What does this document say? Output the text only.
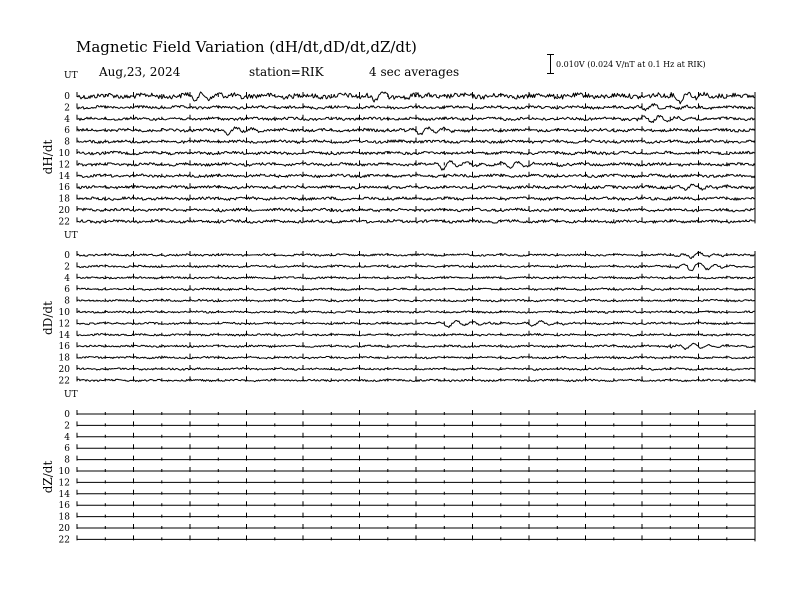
Magnetic Field Variation (dH/dt,dD/dt,dZ/dt)
Aug,23, 2024	station=RIK	4 sec averages
0.010V (0.024 V/nT at 0.1 Hz at RIK)
UT
dH/dt
0
2
4
6
8
10
12
14
16
18
20
22
UT
dD/dt
0
2
4
6
8
10
12
14
16
18
20
22
UT
dZ/dt
0
2
4
6
8
10
12
14
16
18
20
22
